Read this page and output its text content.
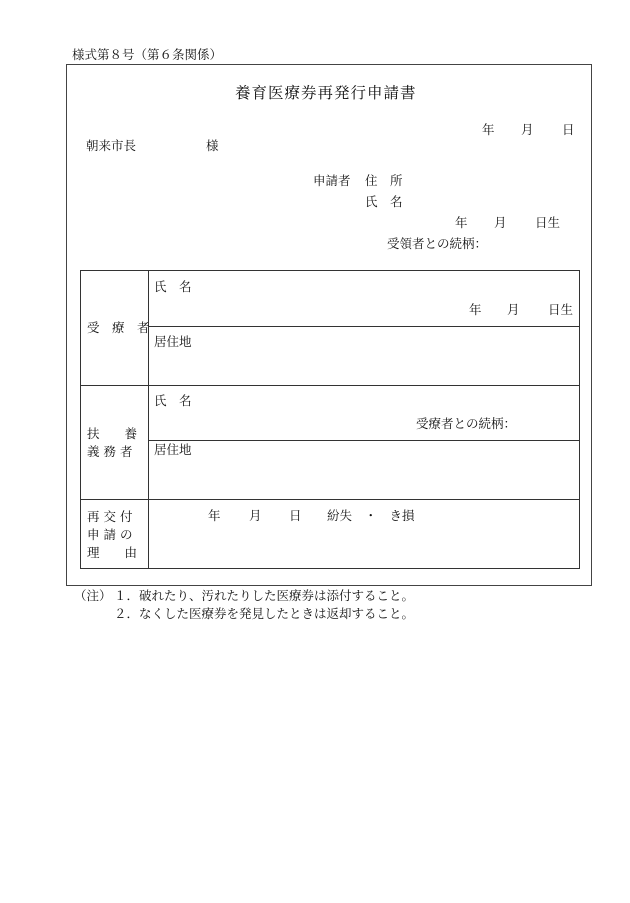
様式第８号（第６条関係）
養育医療券再発行申請書
年 月 日
朝来市長	様
申請者 住　所
氏　名
年 月 日生
受領者との続柄：
受　療　者
氏　名
年 月 日生
居住地
扶　　養
義 務 者
氏　名
受療者との続柄：
居住地
再 交 付
申 請 の
理　　由
年 月 日 紛失　・　き損
（注） １．破れたり、汚れたりした医療券は添付すること。
２．なくした医療券を発見したときは返却すること。
